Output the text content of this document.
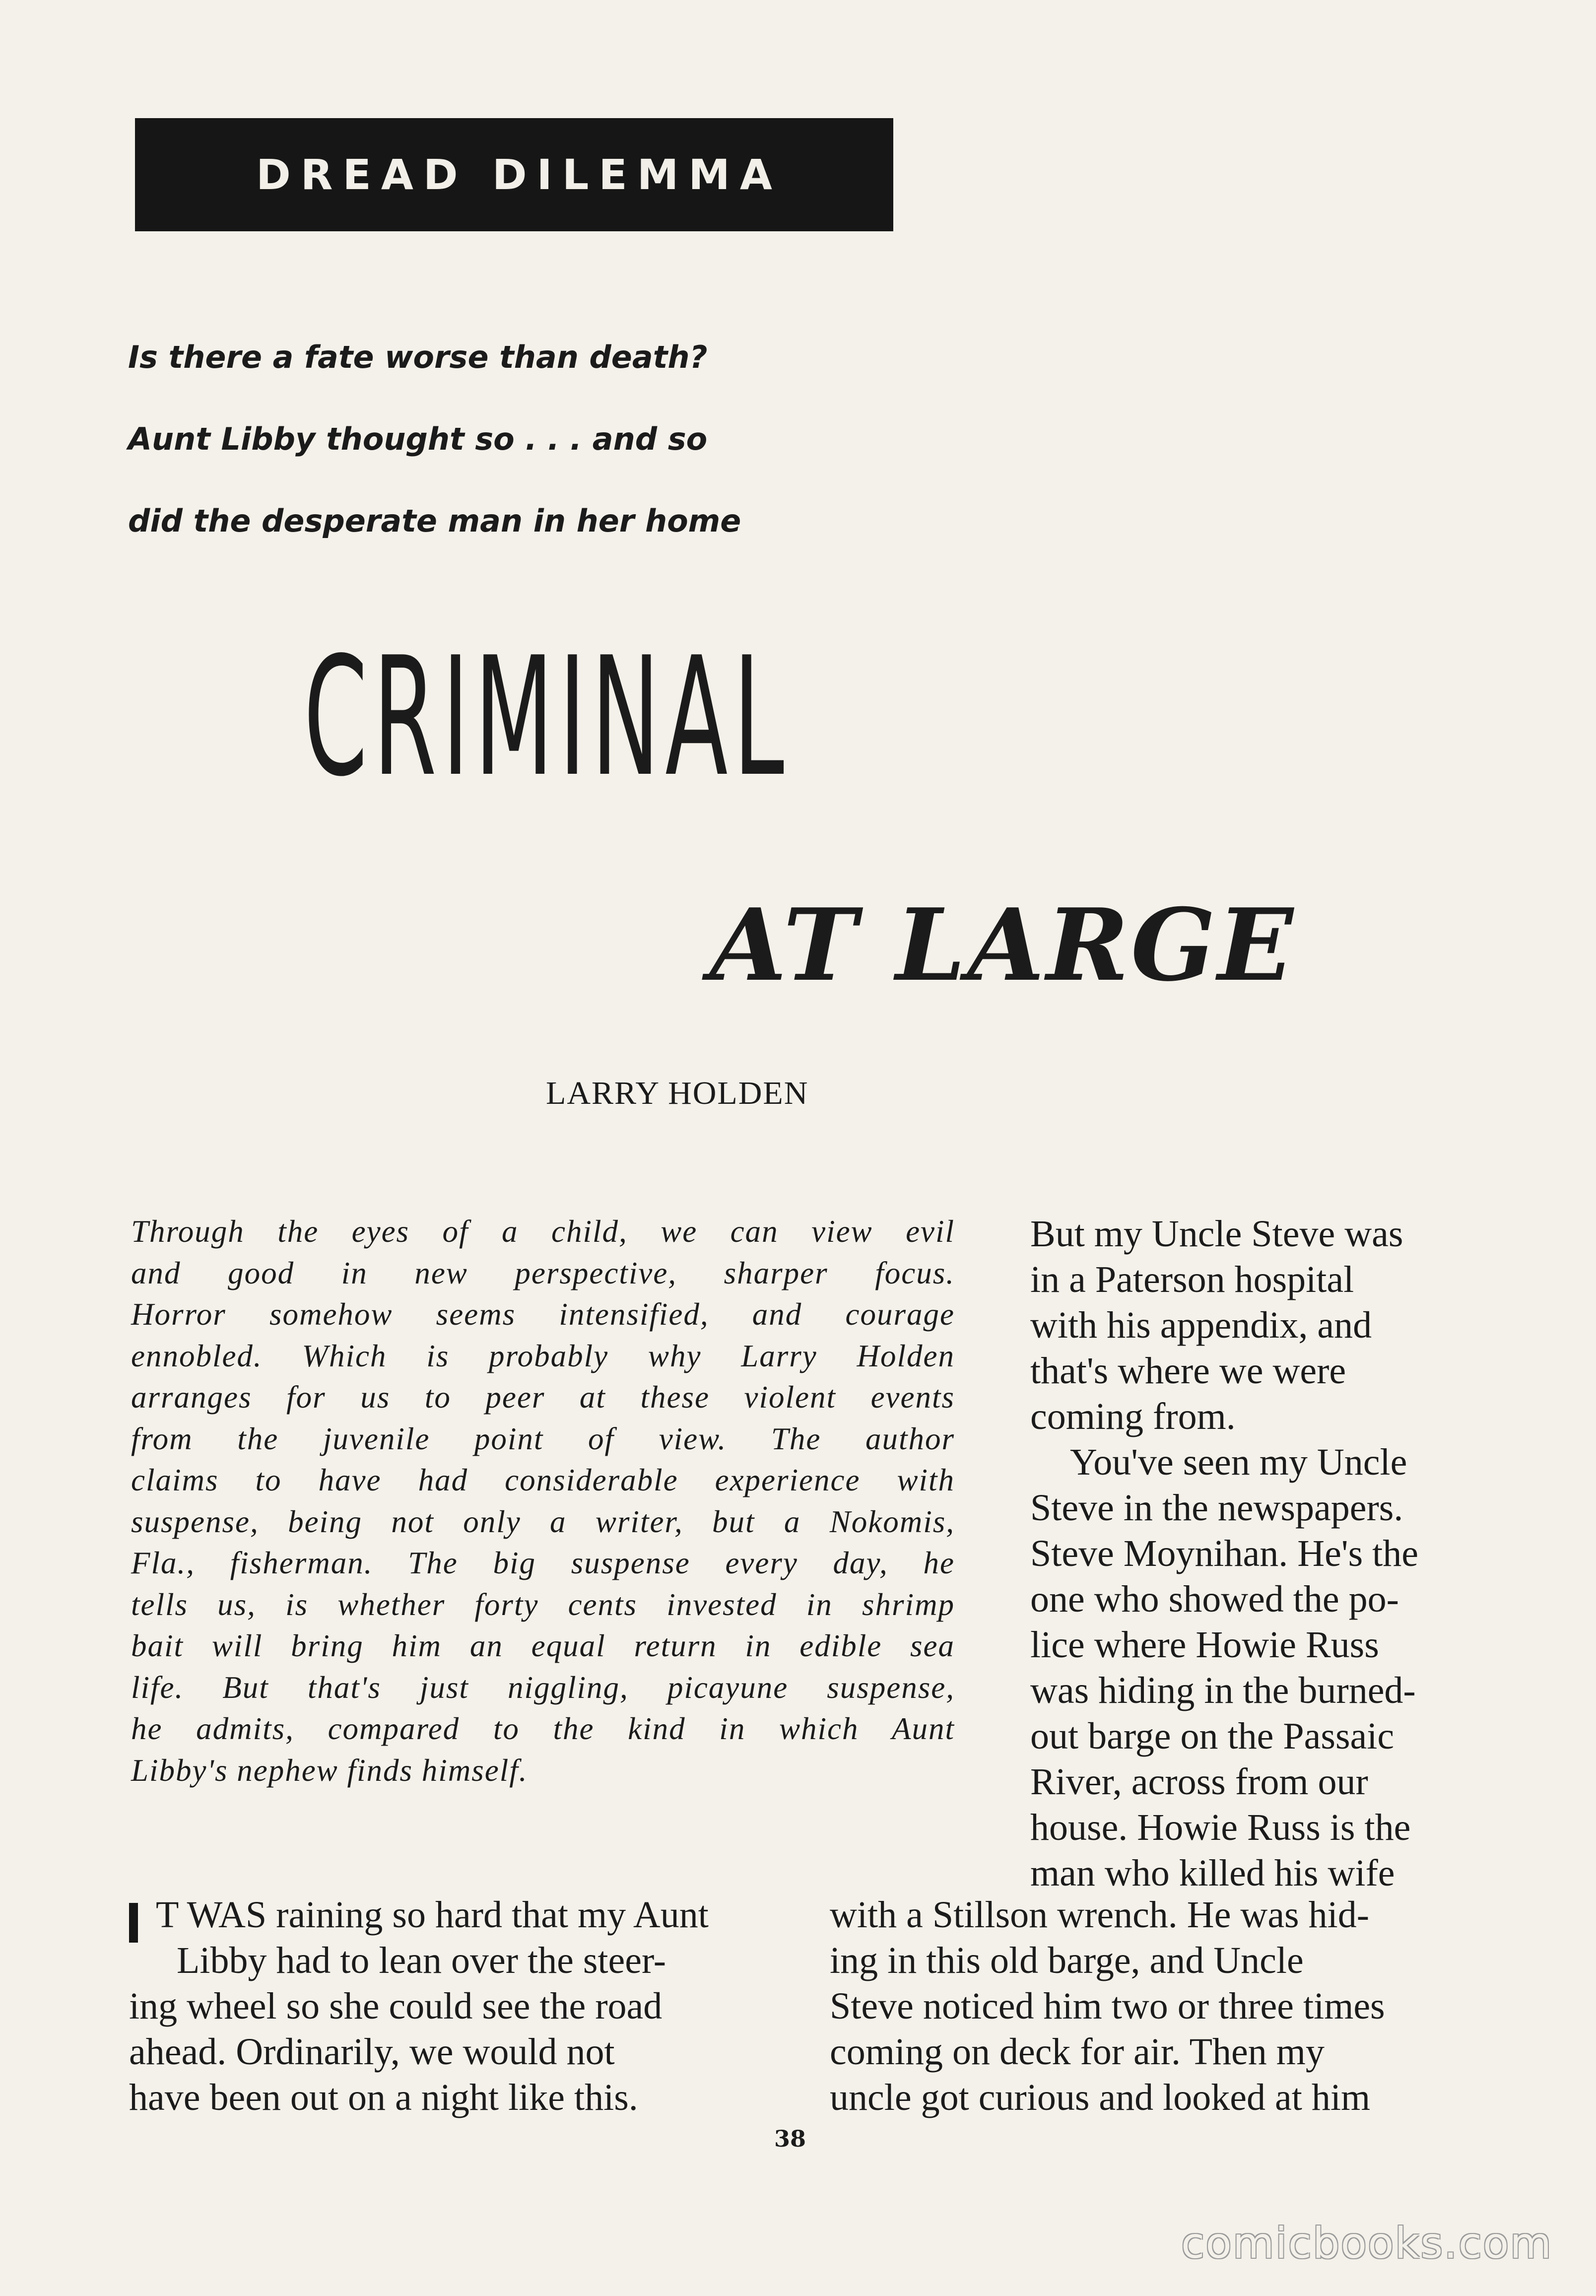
DREAD DILEMMA
Is there a fate worse than death?
Aunt Libby thought so . . . and so
did the desperate man in her home
CRIMINAL
AT LARGE
LARRY HOLDEN
Through the eyes of a child, we can view evil
and good in new perspective, sharper focus.
Horror somehow seems intensified, and courage
ennobled. Which is probably why Larry Holden
arranges for us to peer at these violent events
from the juvenile point of view. The author
claims to have had considerable experience with
suspense, being not only a writer, but a Nokomis,
Fla., fisherman. The big suspense every day, he
tells us, is whether forty cents invested in shrimp
bait will bring him an equal return in edible sea
life. But that's just niggling, picayune suspense,
he admits, compared to the kind in which Aunt
Libby's nephew finds himself.
But my Uncle Steve was
in a Paterson hospital
with his appendix, and
that's where we were
coming from.
You've seen my Uncle
Steve in the newspapers.
Steve Moynihan. He's the
one who showed the po-
lice where Howie Russ
was hiding in the burned-
out barge on the Passaic
River, across from our
house. Howie Russ is the
man who killed his wife
T WAS raining so hard that my Aunt
Libby had to lean over the steer-
ing wheel so she could see the road
ahead. Ordinarily, we would not
have been out on a night like this.
with a Stillson wrench. He was hid-
ing in this old barge, and Uncle
Steve noticed him two or three times
coming on deck for air. Then my
uncle got curious and looked at him
38
comicbooks.com
